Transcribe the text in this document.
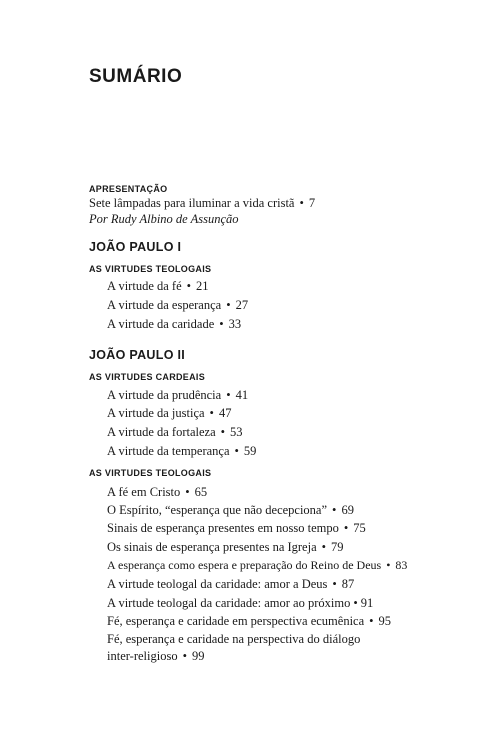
SUMÁRIO
APRESENTAÇÃO
Sete lâmpadas para iluminar a vida cristã • 7
Por Rudy Albino de Assunção
JOÃO PAULO I
AS VIRTUDES TEOLOGAIS
A virtude da fé • 21
A virtude da esperança • 27
A virtude da caridade • 33
JOÃO PAULO II
AS VIRTUDES CARDEAIS
A virtude da prudência • 41
A virtude da justiça • 47
A virtude da fortaleza • 53
A virtude da temperança • 59
AS VIRTUDES TEOLOGAIS
A fé em Cristo • 65
O Espírito, “esperança que não decepciona” • 69
Sinais de esperança presentes em nosso tempo • 75
Os sinais de esperança presentes na Igreja • 79
A esperança como espera e preparação do Reino de Deus • 83
A virtude teologal da caridade: amor a Deus • 87
A virtude teologal da caridade: amor ao próximo • 91
Fé, esperança e caridade em perspectiva ecumênica • 95
Fé, esperança e caridade na perspectiva do diálogo
inter-religioso • 99
